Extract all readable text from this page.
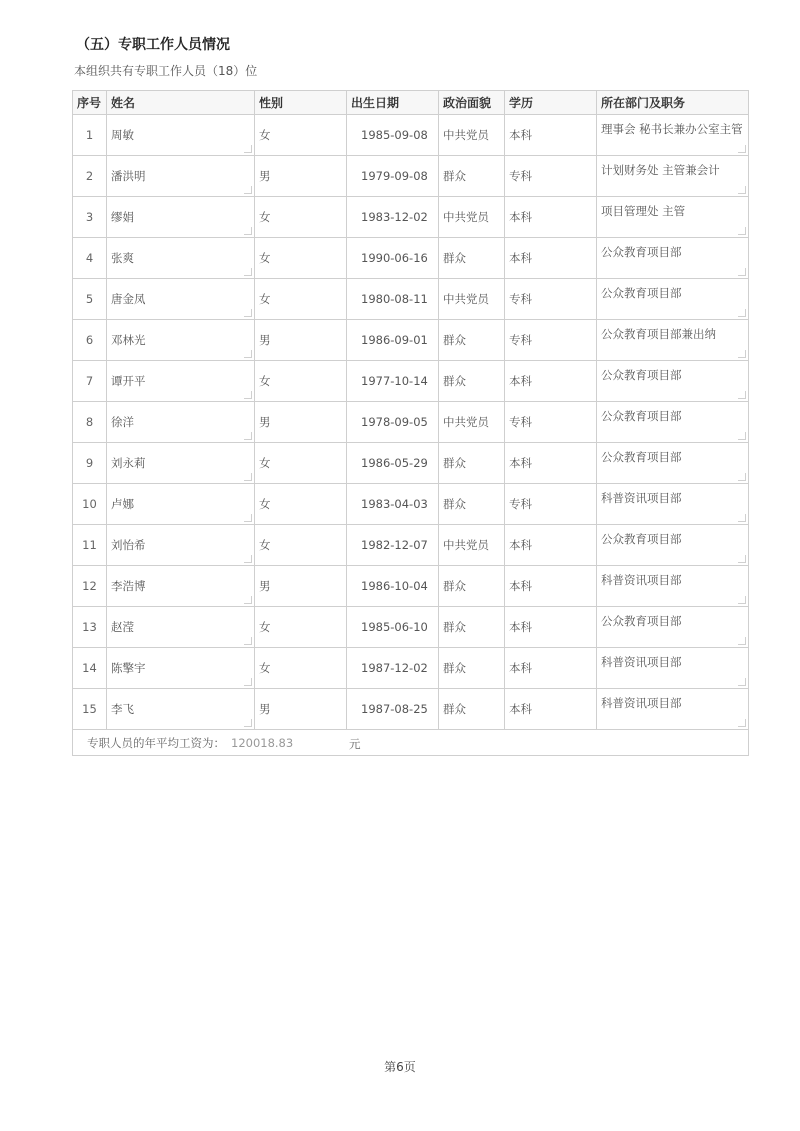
（五）专职工作人员情况
本组织共有专职工作人员（18）位
序号	姓名	性别	出生日期	政治面貌	学历	所在部门及职务
1	周敏	女	1985-09-08	中共党员	本科	理事会 秘书长兼办公室主管

2	潘洪明	男	1979-09-08	群众	专科	计划财务处 主管兼会计

3	缪娟	女	1983-12-02	中共党员	本科	项目管理处 主管

4	张爽	女	1990-06-16	群众	本科	公众教育项目部

5	唐金凤	女	1980-08-11	中共党员	专科	公众教育项目部

6	邓林光	男	1986-09-01	群众	专科	公众教育项目部兼出纳

7	谭开平	女	1977-10-14	群众	本科	公众教育项目部

8	徐洋	男	1978-09-05	中共党员	专科	公众教育项目部

9	刘永莉	女	1986-05-29	群众	本科	公众教育项目部

10	卢娜	女	1983-04-03	群众	专科	科普资讯项目部

11	刘怡希	女	1982-12-07	中共党员	本科	公众教育项目部

12	李浩博	男	1986-10-04	群众	本科	科普资讯项目部

13	赵滢	女	1985-06-10	群众	本科	公众教育项目部

14	陈擎宇	女	1987-12-02	群众	本科	科普资讯项目部

15	李飞	男	1987-08-25	群众	本科	科普资讯项目部

专职人员的年平均工资为： 120018.83 元						
第6页
